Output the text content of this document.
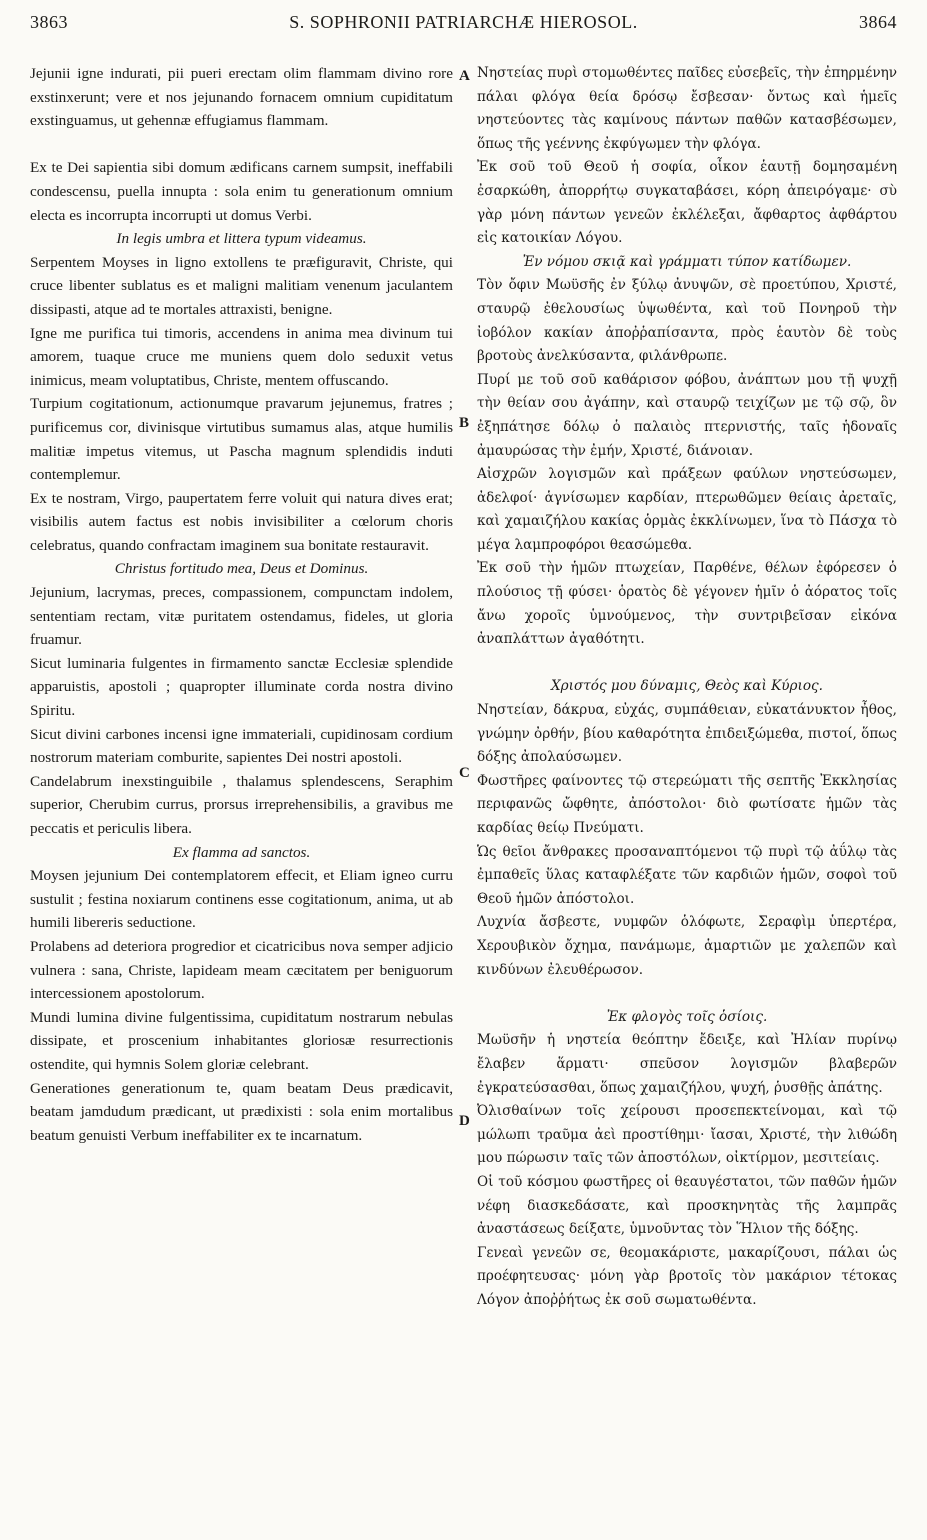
3863	S. SOPHRONII PATRIARCHÆ HIEROSOL.	3864
A
B
C
D

Jejunii igne indurati, pii pueri erectam olim flammam divino rore exstinxerunt; vere et nos jejunando fornacem omnium cupiditatum exstinguamus, ut gehennæ effugiamus flammam.

Ex te Dei sapientia sibi domum ædificans carnem sumpsit, ineffabili condescensu, puella innupta : sola enim tu generationum omnium electa es incorrupta incorrupti ut domus Verbi.

In legis umbra et littera typum videamus.

Serpentem Moyses in ligno extollens te præfiguravit, Christe, qui cruce libenter sublatus es et maligni malitiam venenum jaculantem dissipasti, atque ad te mortales attraxisti, benigne.

Igne me purifica tui timoris, accendens in anima mea divinum tui amorem, tuaque cruce me muniens quem dolo seduxit vetus inimicus, meam voluptatibus, Christe, mentem offuscando.

Turpium cogitationum, actionumque pravarum jejunemus, fratres ; purificemus cor, divinisque virtutibus sumamus alas, atque humilis malitiæ impetus vitemus, ut Pascha magnum splendidis induti contemplemur.

Ex te nostram, Virgo, paupertatem ferre voluit qui natura dives erat; visibilis autem factus est nobis invisibiliter a cœlorum choris celebratus, quando confractam imaginem sua bonitate restauravit.

Christus fortitudo mea, Deus et Dominus.

Jejunium, lacrymas, preces, compassionem, compunctam indolem, sententiam rectam, vitæ puritatem ostendamus, fideles, ut gloria fruamur.

Sicut luminaria fulgentes in firmamento sanctæ Ecclesiæ splendide apparuistis, apostoli ; quapropter illuminate corda nostra divino Spiritu.

Sicut divini carbones incensi igne immateriali, cupidinosam cordium nostrorum materiam comburite, sapientes Dei nostri apostoli.

Candelabrum inexstinguibile , thalamus splendescens, Seraphim superior, Cherubim currus, prorsus irreprehensibilis, a gravibus me peccatis et periculis libera.

Ex flamma ad sanctos.

Moysen jejunium Dei contemplatorem effecit, et Eliam igneo curru sustulit ; festina noxiarum continens esse cogitationum, anima, ut ab humili libereris seductione.

Prolabens ad deteriora progredior et cicatricibus nova semper adjicio vulnera : sana, Christe, lapideam meam cæcitatem per beniguorum intercessionem apostolorum.

Mundi lumina divine fulgentissima, cupiditatum nostrarum nebulas dissipate, et proscenium inhabitantes gloriosæ resurrectionis ostendite, qui hymnis Solem gloriæ celebrant.

Generationes generationum te, quam beatam Deus prædicavit, beatam jamdudum prædicant, ut prædixisti : sola enim mortalibus beatum genuisti Verbum ineffabiliter ex te incarnatum.

Νηστείας πυρὶ στομωθέντες παῖδες εὐσεβεῖς, τὴν ἐπηρμένην πάλαι φλόγα θεία δρόσῳ ἔσβεσαν· ὄντως καὶ ἡμεῖς νηστεύοντες τὰς καμίνους πάντων παθῶν κατασβέσωμεν, ὅπως τῆς γεέννης ἐκφύγωμεν τὴν φλόγα.

Ἐκ σοῦ τοῦ Θεοῦ ἡ σοφία, οἶκον ἑαυτῇ δομησαμένη ἐσαρκώθη, ἀπορρήτῳ συγκαταβάσει, κόρη ἀπειρόγαμε· σὺ γὰρ μόνη πάντων γενεῶν ἐκλέλεξαι, ἄφθαρτος ἀφθάρτου εἰς κατοικίαν Λόγου.

Ἐν νόμου σκιᾷ καὶ γράμματι τύπον κατίδωμεν.

Τὸν ὄφιν Μωϋσῆς ἐν ξύλῳ ἀνυψῶν, σὲ προετύπου, Χριστέ, σταυρῷ ἐθελουσίως ὑψωθέντα, καὶ τοῦ Πονηροῦ τὴν ἰοβόλον κακίαν ἀποῤῥαπίσαντα, πρὸς ἑαυτὸν δὲ τοὺς βροτοὺς ἀνελκύσαντα, φιλάνθρωπε.

Πυρί με τοῦ σοῦ καθάρισον φόβου, ἀνάπτων μου τῇ ψυχῇ τὴν θείαν σου ἀγάπην, καὶ σταυρῷ τειχίζων με τῷ σῷ, ὃν ἐξηπάτησε δόλῳ ὁ παλαιὸς πτερνιστής, ταῖς ἡδοναῖς ἀμαυρώσας τὴν ἐμήν, Χριστέ, διάνοιαν.

Αἰσχρῶν λογισμῶν καὶ πράξεων φαύλων νηστεύσωμεν, ἀδελφοί· ἁγνίσωμεν καρδίαν, πτερωθῶμεν θείαις ἀρεταῖς, καὶ χαμαιζήλου κακίας ὁρμὰς ἐκκλίνωμεν, ἵνα τὸ Πάσχα τὸ μέγα λαμπροφόροι θεασώμεθα.

Ἐκ σοῦ τὴν ἡμῶν πτωχείαν, Παρθένε, θέλων ἐφόρεσεν ὁ πλούσιος τῇ φύσει· ὁρατὸς δὲ γέγονεν ἡμῖν ὁ ἀόρατος τοῖς ἄνω χοροῖς ὑμνούμενος, τὴν συντριβεῖσαν εἰκόνα ἀναπλάττων ἀγαθότητι.

Χριστός μου δύναμις, Θεὸς καὶ Κύριος.

Νηστείαν, δάκρυα, εὐχάς, συμπάθειαν, εὐκατάνυκτον ἦθος, γνώμην ὀρθήν, βίου καθαρότητα ἐπιδειξώμεθα, πιστοί, ὅπως δόξης ἀπολαύσωμεν.

Φωστῆρες φαίνοντες τῷ στερεώματι τῆς σεπτῆς Ἐκκλησίας περιφανῶς ὤφθητε, ἀπόστολοι· διὸ φωτίσατε ἡμῶν τὰς καρδίας θείῳ Πνεύματι.

Ὡς θεῖοι ἄνθρακες προσαναπτόμενοι τῷ πυρὶ τῷ ἀΰλῳ τὰς ἐμπαθεῖς ὕλας καταφλέξατε τῶν καρδιῶν ἡμῶν, σοφοὶ τοῦ Θεοῦ ἡμῶν ἀπόστολοι.

Λυχνία ἄσβεστε, νυμφῶν ὁλόφωτε, Σεραφὶμ ὑπερτέρα, Χερουβικὸν ὄχημα, πανάμωμε, ἁμαρτιῶν με χαλεπῶν καὶ κινδύνων ἐλευθέρωσον.

Ἐκ φλογὸς τοῖς ὁσίοις.

Μωϋσῆν ἡ νηστεία θεόπτην ἔδειξε, καὶ Ἠλίαν πυρίνῳ ἔλαβεν ἅρματι· σπεῦσον λογισμῶν βλαβερῶν ἐγκρατεύσασθαι, ὅπως χαμαιζήλου, ψυχή, ῥυσθῇς ἀπάτης.

Ὀλισθαίνων τοῖς χείρουσι προσεπεκτείνομαι, καὶ τῷ μώλωπι τραῦμα ἀεὶ προστίθημι· ἴασαι, Χριστέ, τὴν λιθώδη μου πώρωσιν ταῖς τῶν ἀποστόλων, οἰκτίρμον, μεσιτείαις.

Οἱ τοῦ κόσμου φωστῆρες οἱ θεαυγέστατοι, τῶν παθῶν ἡμῶν νέφη διασκεδάσατε, καὶ προσκηνητὰς τῆς λαμπρᾶς ἀναστάσεως δείξατε, ὑμνοῦντας τὸν Ἥλιον τῆς δόξης.

Γενεαὶ γενεῶν σε, θεομακάριστε, μακαρίζουσι, πάλαι ὡς προέφητευσας· μόνη γὰρ βροτοῖς τὸν μακάριον τέτοκας Λόγον ἀποῤῥήτως ἐκ σοῦ σωματωθέντα.
